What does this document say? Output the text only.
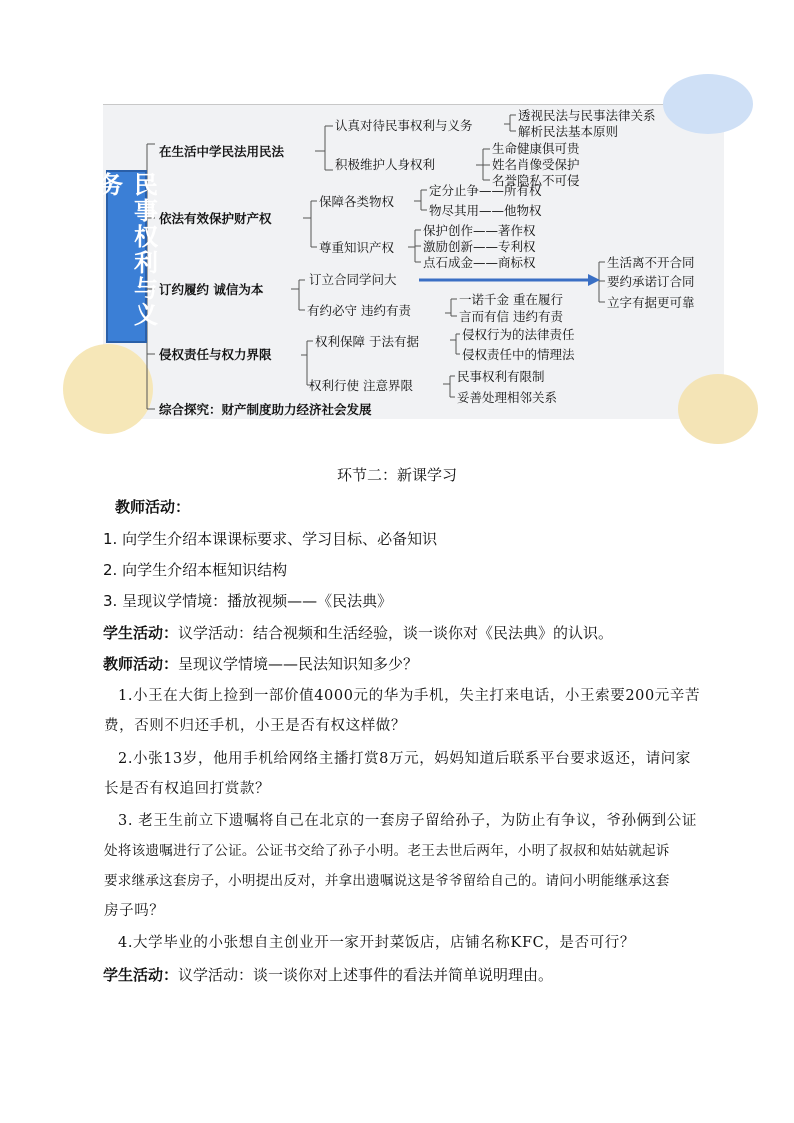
民事权利与义务
在生活中学民法用民法
依法有效保护财产权
订约履约 诚信为本
侵权责任与权力界限
综合探究：财产制度助力经济社会发展
认真对待民事权利与义务
透视民法与民事法律关系
解析民法基本原则
积极维护人身权利
生命健康俱可贵
姓名肖像受保护
名誉隐私不可侵
保障各类物权
定分止争——所有权
物尽其用——他物权
尊重知识产权
保护创作——著作权
激励创新——专利权
点石成金——商标权
订立合同学问大
生活离不开合同
要约承诺订合同
立字有据更可靠
有约必守 违约有责
一诺千金 重在履行
言而有信 违约有责
权利保障 于法有据	侵权行为的法律责任
侵权责任中的情理法
权利行使 注意界限
民事权利有限制
妥善处理相邻关系
环节二：新课学习
教师活动：
1. 向学生介绍本课课标要求、学习目标、必备知识
2. 向学生介绍本框知识结构
3. 呈现议学情境：播放视频——《民法典》
学生活动：议学活动：结合视频和生活经验，谈一谈你对《民法典》的认识。
教师活动：呈现议学情境——民法知识知多少？
1.小王在大街上捡到一部价值4000元的华为手机，失主打来电话，小王索要200元辛苦
费，否则不归还手机，小王是否有权这样做？
2.小张13岁，他用手机给网络主播打赏8万元，妈妈知道后联系平台要求返还，请问家
长是否有权追回打赏款？
3. 老王生前立下遗嘱将自己在北京的一套房子留给孙子，为防止有争议，爷孙俩到公证
处将该遗嘱进行了公证。公证书交给了孙子小明。老王去世后两年，小明了叔叔和姑姑就起诉
要求继承这套房子，小明提出反对，并拿出遗嘱说这是爷爷留给自己的。请问小明能继承这套
房子吗？
4.大学毕业的小张想自主创业开一家开封菜饭店，店铺名称KFC，是否可行？
学生活动：议学活动：谈一谈你对上述事件的看法并简单说明理由。
